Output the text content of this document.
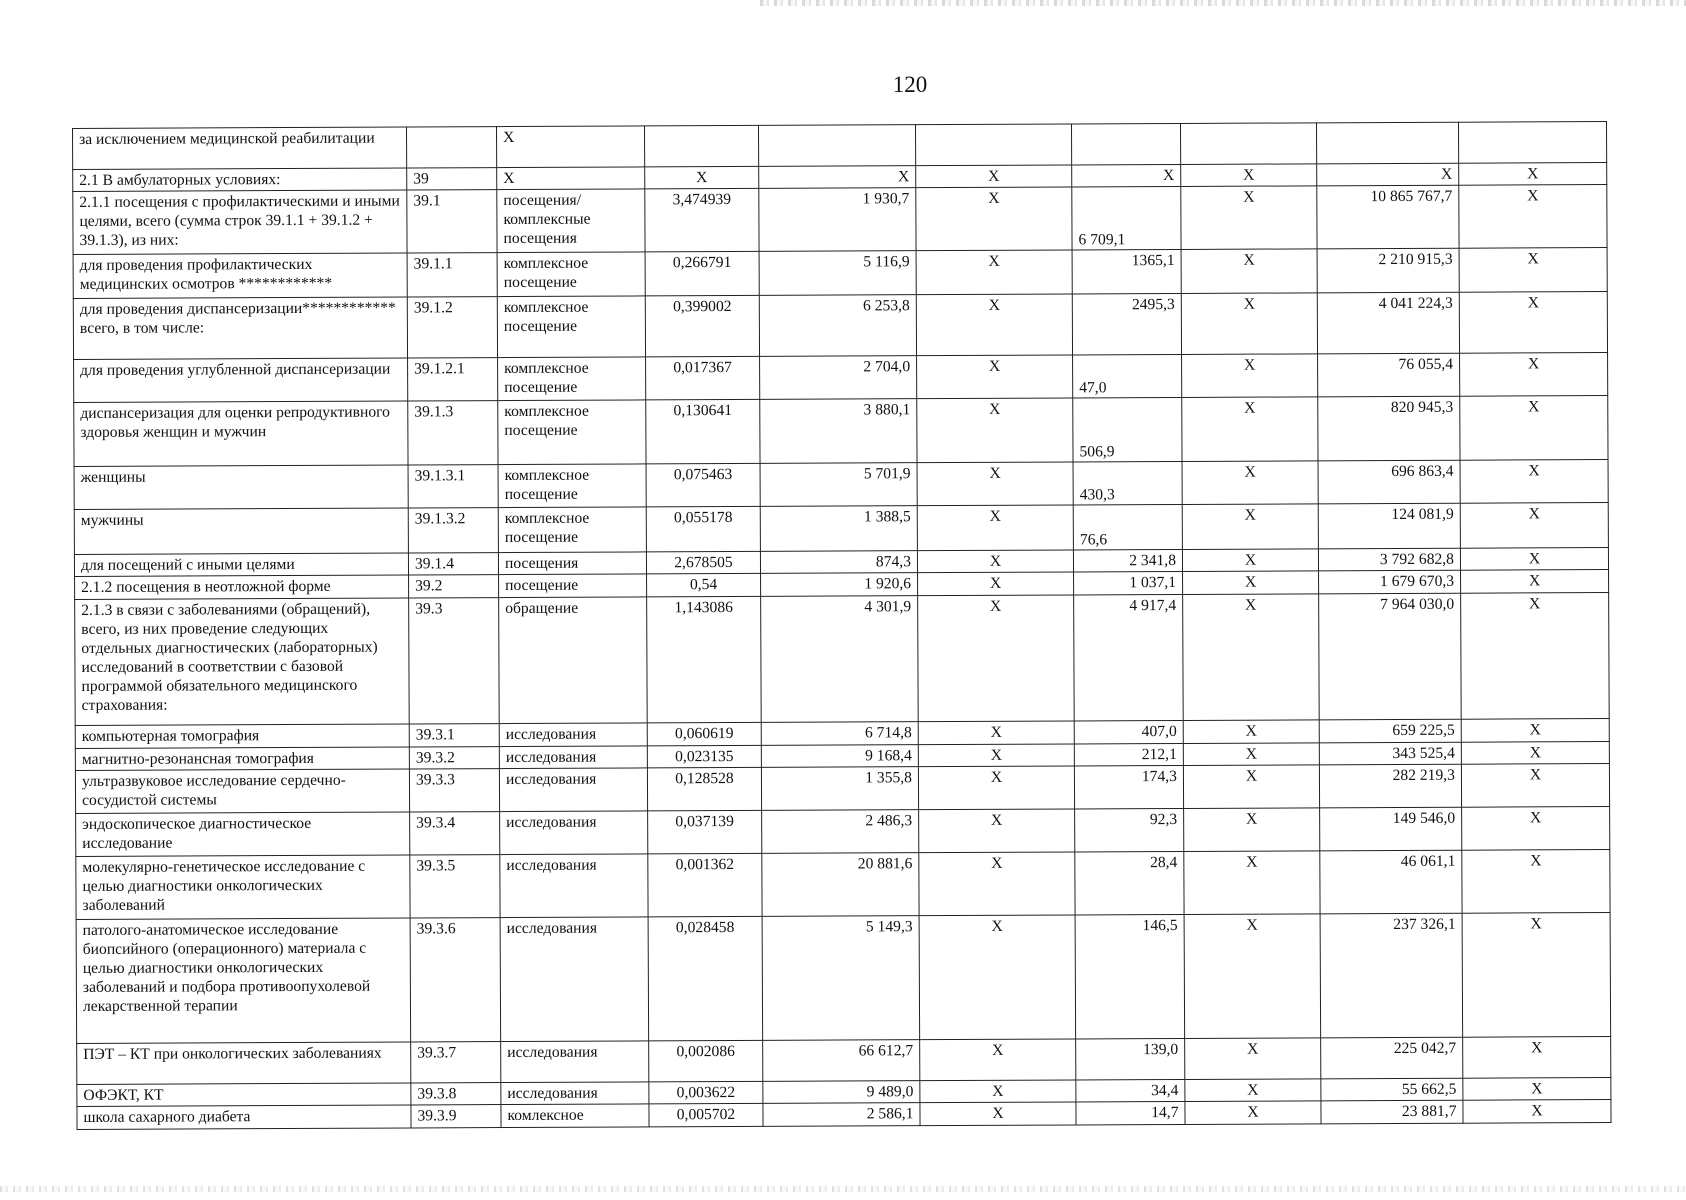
120
за исключением медицинской реабилитации		Х							
2.1 В амбулаторных условиях:	39	Х	Х	Х	Х	Х	Х	Х	Х
2.1.1 посещения с профилактическими и иными целями, всего (сумма строк 39.1.1 + 39.1.2 + 39.1.3), из них:	39.1	посещения/комплексные посещения	3,474939	1 930,7	Х	6 709,1	Х	10 865 767,7	Х
для проведения профилактических медицинских осмотров ************	39.1.1	комплексное посещение	0,266791	5 116,9	Х	1365,1	Х	2 210 915,3	Х
для проведения диспансеризации************ всего, в том числе:	39.1.2	комплексное посещение	0,399002	6 253,8	Х	2495,3	Х	4 041 224,3	Х
для проведения углубленной диспансеризации	39.1.2.1	комплексное посещение	0,017367	2 704,0	Х	47,0	Х	76 055,4	Х
диспансеризация для оценки репродуктивного здоровья женщин и мужчин	39.1.3	комплексное посещение	0,130641	3 880,1	Х	506,9	Х	820 945,3	Х
женщины	39.1.3.1	комплексное посещение	0,075463	5 701,9	Х	430,3	Х	696 863,4	Х
мужчины	39.1.3.2	комплексное посещение	0,055178	1 388,5	Х	76,6	Х	124 081,9	Х
для посещений с иными целями	39.1.4	посещения	2,678505	874,3	Х	2 341,8	Х	3 792 682,8	Х
2.1.2 посещения в неотложной форме	39.2	посещение	0,54	1 920,6	Х	1 037,1	Х	1 679 670,3	Х
2.1.3 в связи с заболеваниями (обращений), всего, из них проведение следующих отдельных диагностических (лабораторных) исследований в соответствии с базовой программой обязательного медицинского страхования:	39.3	обращение	1,143086	4 301,9	Х	4 917,4	Х	7 964 030,0	Х
компьютерная томография	39.3.1	исследования	0,060619	6 714,8	Х	407,0	Х	659 225,5	Х
магнитно-резонансная томография	39.3.2	исследования	0,023135	9 168,4	Х	212,1	Х	343 525,4	Х
ультразвуковое исследование сердечно-сосудистой системы	39.3.3	исследования	0,128528	1 355,8	Х	174,3	Х	282 219,3	Х
эндоскопическое диагностическое исследование	39.3.4	исследования	0,037139	2 486,3	Х	92,3	Х	149 546,0	Х
молекулярно-генетическое исследование с целью диагностики онкологических заболеваний	39.3.5	исследования	0,001362	20 881,6	Х	28,4	Х	46 061,1	Х
патолого-анатомическое исследование биопсийного (операционного) материала с целью диагностики онкологических заболеваний и подбора противоопухолевой лекарственной терапии	39.3.6	исследования	0,028458	5 149,3	Х	146,5	Х	237 326,1	Х
ПЭТ – КТ при онкологических заболеваниях	39.3.7	исследования	0,002086	66 612,7	Х	139,0	Х	225 042,7	Х
ОФЭКТ, КТ	39.3.8	исследования	0,003622	9 489,0	Х	34,4	Х	55 662,5	Х
школа сахарного диабета	39.3.9	комлексное	0,005702	2 586,1	Х	14,7	Х	23 881,7	Х
